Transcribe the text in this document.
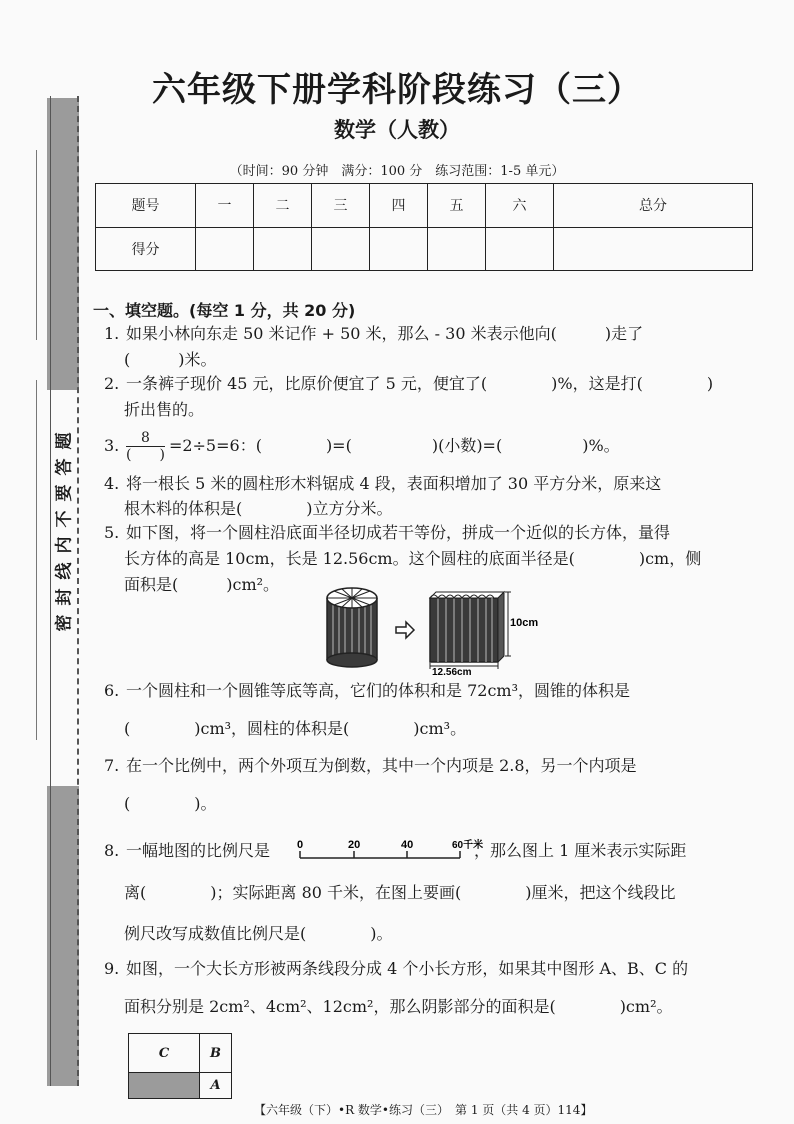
题
答
要
不
内
线
封
密
六年级下册学科阶段练习（三）
数学（人教）
（时间：90 分钟　满分：100 分　练习范围：1-5 单元）
题号	一	二	三	四	五	六	总分
得分							
一、填空题。(每空 1 分，共 20 分)
1. 如果小林向东走 50 米记作 + 50 米，那么 - 30 米表示他向(　　　)走了
(　　　)米。
2. 一条裤子现价 45 元，比原价便宜了 5 元，便宜了(　　　　)%，这是打(　　　　)
折出售的。
3. $\frac{8}{( )} =2\div 5=6$：(　　　　)=(　　　　　)(小数)=(　　　　　)%。
4. 将一根长 5 米的圆柱形木料锯成 4 段，表面积增加了 30 平方分米，原来这
根木料的体积是(　　　　)立方分米。
5. 如下图，将一个圆柱沿底面半径切成若干等份，拼成一个近似的长方体，量得
长方体的高是 10cm，长是 12.56cm。这个圆柱的底面半径是(　　　　)cm，侧
面积是(　　　)cm²。
10cm
12.56cm
6. 一个圆柱和一个圆锥等底等高，它们的体积和是 72cm³，圆锥的体积是
(　　　　)cm³，圆柱的体积是(　　　　)cm³。
7. 在一个比例中，两个外项互为倒数，其中一个内项是 2.8，另一个内项是
(　　　　)。
8. 一幅地图的比例尺是	，那么图上 1 厘米表示实际距
0	20	40	60千米
离(　　　　)；实际距离 80 千米，在图上要画(　　　　)厘米，把这个线段比
例尺改写成数值比例尺是(　　　　)。
9. 如图，一个大长方形被两条线段分成 4 个小长方形，如果其中图形 A、B、C 的
面积分别是 2cm²、4cm²、12cm²，那么阴影部分的面积是(　　　　)cm²。
C	B
A
【六年级（下）•R 数学•练习（三）　第 1 页（共 4 页）114】
